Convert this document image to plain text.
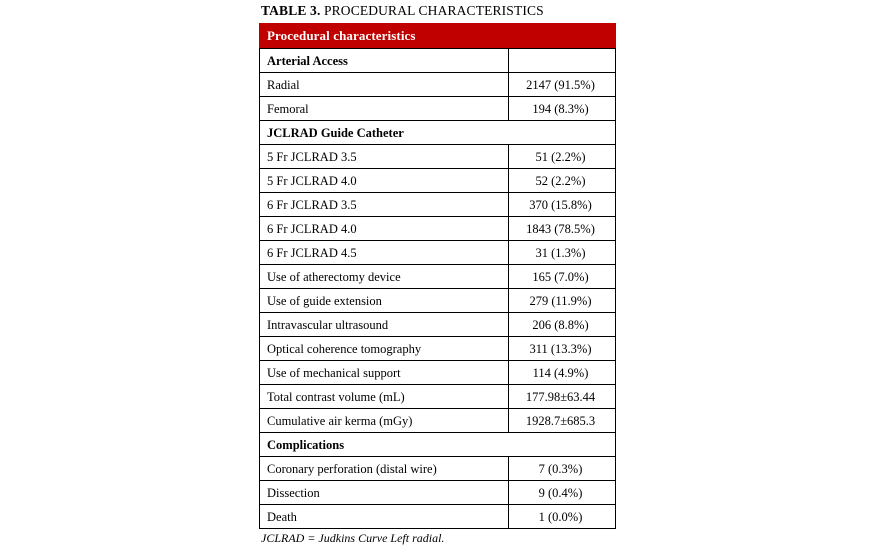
TABLE 3. PROCEDURAL CHARACTERISTICS
Procedural characteristics	
Arterial Access	
Radial	2147 (91.5%)
Femoral	194 (8.3%)
JCLRAD Guide Catheter	
5 Fr JCLRAD 3.5	51 (2.2%)
5 Fr JCLRAD 4.0	52 (2.2%)
6 Fr JCLRAD 3.5	370 (15.8%)
6 Fr JCLRAD 4.0	1843 (78.5%)
6 Fr JCLRAD 4.5	31 (1.3%)
Use of atherectomy device	165 (7.0%)
Use of guide extension	279 (11.9%)
Intravascular ultrasound	206 (8.8%)
Optical coherence tomography	311 (13.3%)
Use of mechanical support	114 (4.9%)
Total contrast volume (mL)	177.98±63.44
Cumulative air kerma (mGy)	1928.7±685.3
Complications	
Coronary perforation (distal wire)	7 (0.3%)
Dissection	9 (0.4%)
Death	1 (0.0%)
JCLRAD = Judkins Curve Left radial.
